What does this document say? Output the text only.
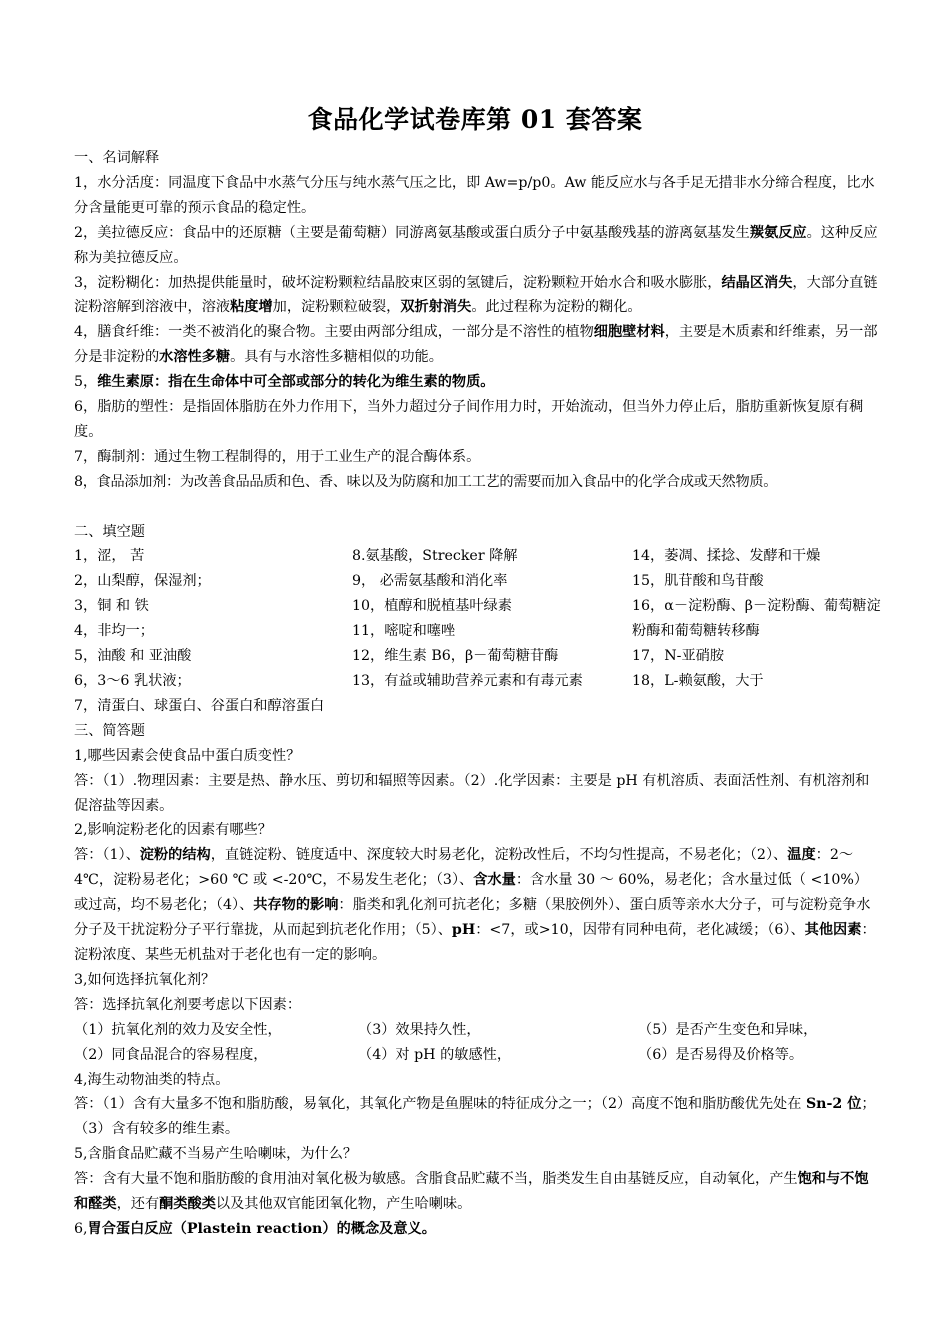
食品化学试卷库第 01 套答案

一、名词解释

1，水分活度：同温度下食品中水蒸气分压与纯水蒸气压之比，即 Aw=p/p0。Aw 能反应水与各手足无措非水分缔合程度，比水分含量能更可靠的预示食品的稳定性。

2，美拉德反应：食品中的还原糖（主要是葡萄糖）同游离氨基酸或蛋白质分子中氨基酸残基的游离氨基发生羰氨反应。这种反应称为美拉德反应。

3，淀粉糊化：加热提供能量时，破坏淀粉颗粒结晶胶束区弱的氢键后，淀粉颗粒开始水合和吸水膨胀，结晶区消失，大部分直链淀粉溶解到溶液中，溶液粘度增加，淀粉颗粒破裂，双折射消失。此过程称为淀粉的糊化。

4，膳食纤维：一类不被消化的聚合物。主要由两部分组成，一部分是不溶性的植物细胞壁材料，主要是木质素和纤维素，另一部分是非淀粉的水溶性多糖。具有与水溶性多糖相似的功能。

5，维生素原：指在生命体中可全部或部分的转化为维生素的物质。

6，脂肪的塑性：是指固体脂肪在外力作用下，当外力超过分子间作用力时，开始流动，但当外力停止后，脂肪重新恢复原有稠度。

7，酶制剂：通过生物工程制得的，用于工业生产的混合酶体系。

8，食品添加剂：为改善食品品质和色、香、味以及为防腐和加工工艺的需要而加入食品中的化学合成或天然物质。

二、填空题

1，涩， 苦

2，山梨醇，保湿剂；

3，铜 和 铁

4，非均一；

5，油酸 和 亚油酸

6，3～6 乳状液；

7，清蛋白、球蛋白、谷蛋白和醇溶蛋白

8.氨基酸，Strecker 降解

9， 必需氨基酸和消化率

10，植醇和脱植基叶绿素

11，嘧啶和噻唑

12，维生素 B6，β－葡萄糖苷酶

13，有益或辅助营养元素和有毒元素

14，萎凋、揉捻、发酵和干燥

15，肌苷酸和鸟苷酸

16，α－淀粉酶、β－淀粉酶、葡萄糖淀粉酶和葡萄糖转移酶

17，N-亚硝胺

18，L-赖氨酸，大于

三、简答题

1,哪些因素会使食品中蛋白质变性？

答：（1）.物理因素：主要是热、静水压、剪切和辐照等因素。（2）.化学因素：主要是 pH 有机溶质、表面活性剂、有机溶剂和促溶盐等因素。

2,影响淀粉老化的因素有哪些？

答：（1）、淀粉的结构，直链淀粉、链度适中、深度较大时易老化，淀粉改性后，不均匀性提高，不易老化；（2）、温度：2～4℃，淀粉易老化；>60 ℃ 或 <-20℃，不易发生老化；（3）、含水量：含水量 30 ～ 60%，易老化；含水量过低（ <10%）或过高，均不易老化；（4）、共存物的影响：脂类和乳化剂可抗老化；多糖（果胶例外）、蛋白质等亲水大分子，可与淀粉竞争水分子及干扰淀粉分子平行靠拢，从而起到抗老化作用；（5）、pH：<7，或>10，因带有同种电荷，老化减缓；（6）、其他因素：淀粉浓度、某些无机盐对于老化也有一定的影响。

3,如何选择抗氧化剂？

答：选择抗氧化剂要考虑以下因素：

（1）抗氧化剂的效力及安全性，

（2）同食品混合的容易程度，

（3）效果持久性，

（4）对 pH 的敏感性，

（5）是否产生变色和异味，

（6）是否易得及价格等。

4,海生动物油类的特点。

答：（1）含有大量多不饱和脂肪酸，易氧化，其氧化产物是鱼腥味的特征成分之一；（2）高度不饱和脂肪酸优先处在 Sn-2 位； （3）含有较多的维生素。

5,含脂食品贮藏不当易产生哈喇味，为什么？

答：含有大量不饱和脂肪酸的食用油对氧化极为敏感。含脂食品贮藏不当，脂类发生自由基链反应，自动氧化，产生饱和与不饱和醛类，还有酮类酸类以及其他双官能团氧化物，产生哈喇味。

6,胃合蛋白反应（Plastein reaction）的概念及意义。
